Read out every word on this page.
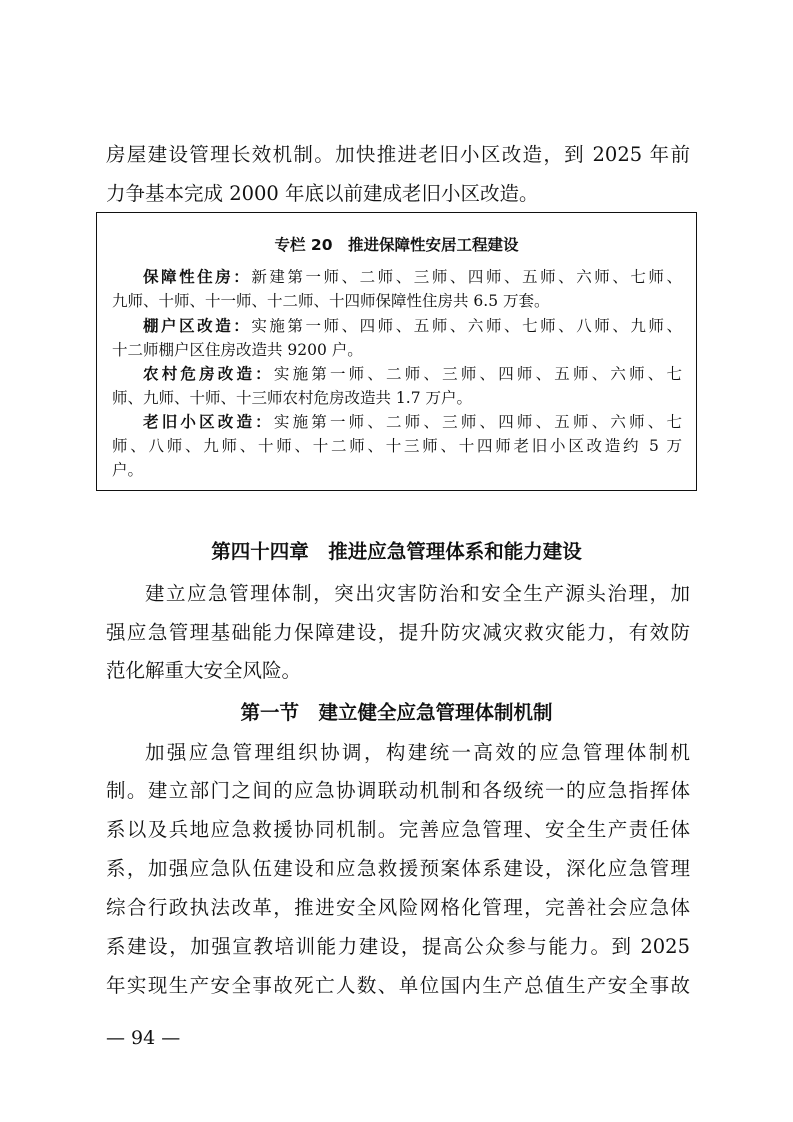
房屋建设管理长效机制。加快推进老旧小区改造，到 2025 年前
力争基本完成 2000 年底以前建成老旧小区改造。
专栏 20　推进保障性安居工程建设
保障性住房：新建第一师、二师、三师、四师、五师、六师、七师、
九师、十师、十一师、十二师、十四师保障性住房共 6.5 万套。
棚户区改造：实施第一师、四师、五师、六师、七师、八师、九师、
十二师棚户区住房改造共 9200 户。
农村危房改造：实施第一师、二师、三师、四师、五师、六师、七
师、九师、十师、十三师农村危房改造共 1.7 万户。
老旧小区改造：实施第一师、二师、三师、四师、五师、六师、七
师、八师、九师、十师、十二师、十三师、十四师老旧小区改造约 5 万
户。
第四十四章　推进应急管理体系和能力建设
建立应急管理体制，突出灾害防治和安全生产源头治理，加
强应急管理基础能力保障建设，提升防灾减灾救灾能力，有效防
范化解重大安全风险。
第一节　建立健全应急管理体制机制
加强应急管理组织协调，构建统一高效的应急管理体制机
制。建立部门之间的应急协调联动机制和各级统一的应急指挥体
系以及兵地应急救援协同机制。完善应急管理、安全生产责任体
系，加强应急队伍建设和应急救援预案体系建设，深化应急管理
综合行政执法改革，推进安全风险网格化管理，完善社会应急体
系建设，加强宣教培训能力建设，提高公众参与能力。到 2025
年实现生产安全事故死亡人数、单位国内生产总值生产安全事故
— 94 —
